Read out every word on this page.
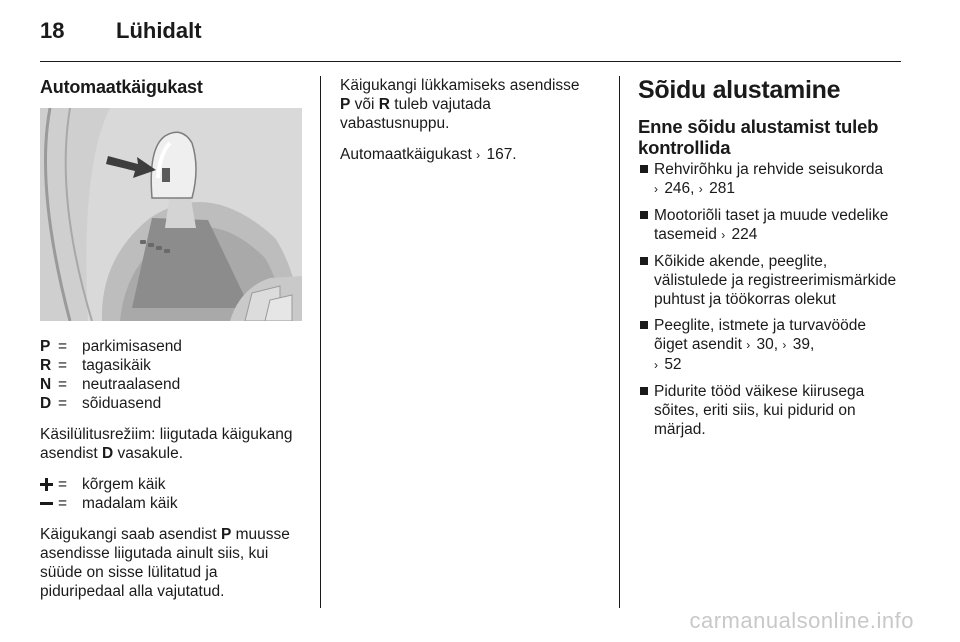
18	Lühidalt
Automaatkäigukast
P = parkimisasend
R = tagasikäik
N = neutraalasend
D = sõiduasend

Käsilülitusrežiim: liigutada käigukang asendist D vasakule.

= kõrgem käik
= madalam käik

Käigukangi saab asendist P muusse asendisse liigutada ainult siis, kui süüde on sisse lülitatud ja piduripedaal alla vajutatud.

Käigukangi lükkamiseks asendisse
P või R tuleb vajutada vabastusnuppu.

Automaatkäigukast › 167.

Sõidu alustamine
Enne sõidu alustamist tuleb kontrollida
Rehvirõhku ja rehvide seisukorda
› 246, › 281
Mootoriõli taset ja muude vedelike tasemeid › 224
Kõikide akende, peeglite, välistulede ja registreerimismärkide puhtust ja töökorras olekut
Peeglite, istmete ja turvavööde õiget asendit › 30, › 39,
› 52
Pidurite tööd väikese kiirusega sõites, eriti siis, kui pidurid on märjad.
carmanualsonline.info
